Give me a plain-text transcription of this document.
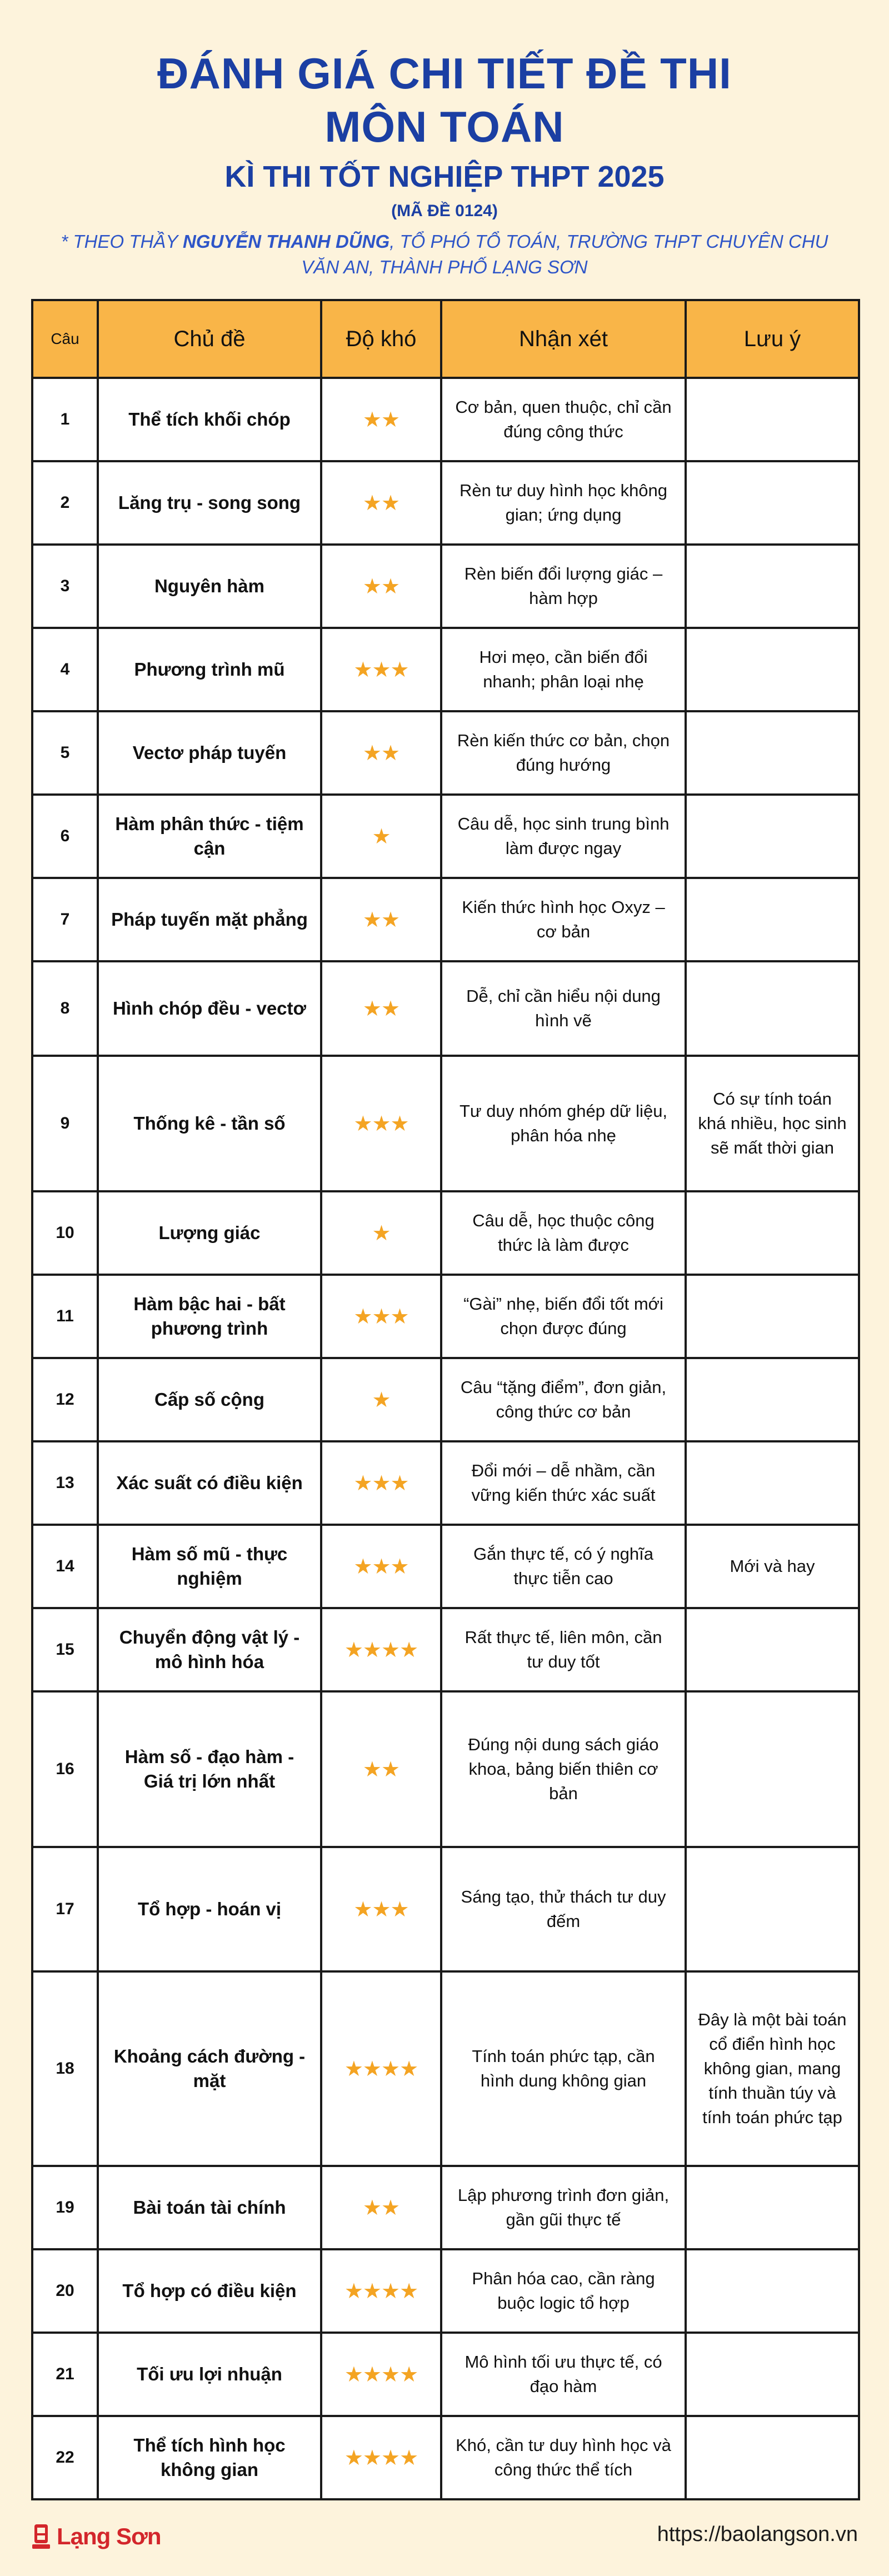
ĐÁNH GIÁ CHI TIẾT ĐỀ THI
MÔN TOÁN
KÌ THI TỐT NGHIỆP THPT 2025
(MÃ ĐỀ 0124)
* THEO THẦY NGUYỄN THANH DŨNG, TỔ PHÓ TỔ TOÁN, TRƯỜNG THPT CHUYÊN CHU VĂN AN, THÀNH PHỐ LẠNG SƠN
Câu	Chủ đề	Độ khó	Nhận xét	Lưu ý
1	Thể tích khối chóp	★★	Cơ bản, quen thuộc, chỉ cần đúng công thức	
2	Lăng trụ - song song	★★	Rèn tư duy hình học không gian; ứng dụng	
3	Nguyên hàm	★★	Rèn biến đổi lượng giác – hàm hợp	
4	Phương trình mũ	★★★	Hơi mẹo, cần biến đổi nhanh; phân loại nhẹ	
5	Vectơ pháp tuyến	★★	Rèn kiến thức cơ bản, chọn đúng hướng	
6	Hàm phân thức - tiệm cận	★	Câu dễ, học sinh trung bình làm được ngay	
7	Pháp tuyến mặt phẳng	★★	Kiến thức hình học Oxyz – cơ bản	
8	Hình chóp đều - vectơ	★★	Dễ, chỉ cần hiểu nội dung hình vẽ	
9	Thống kê - tần số	★★★	Tư duy nhóm ghép dữ liệu, phân hóa nhẹ	Có sự tính toán khá nhiều, học sinh sẽ mất thời gian
10	Lượng giác	★	Câu dễ, học thuộc công thức là làm được	
11	Hàm bậc hai - bất phương trình	★★★	“Gài” nhẹ, biến đổi tốt mới chọn được đúng	
12	Cấp số cộng	★	Câu “tặng điểm”, đơn giản, công thức cơ bản	
13	Xác suất có điều kiện	★★★	Đổi mới – dễ nhầm, cần vững kiến thức xác suất	
14	Hàm số mũ - thực nghiệm	★★★	Gắn thực tế, có ý nghĩa thực tiễn cao	Mới và hay
15	Chuyển động vật lý - mô hình hóa	★★★★	Rất thực tế, liên môn, cần tư duy tốt	
16	Hàm số - đạo hàm - Giá trị lớn nhất	★★	Đúng nội dung sách giáo khoa, bảng biến thiên cơ bản	
17	Tổ hợp - hoán vị	★★★	Sáng tạo, thử thách tư duy đếm	
18	Khoảng cách đường - mặt	★★★★	Tính toán phức tạp, cần hình dung không gian	Đây là một bài toán cổ điển hình học không gian, mang tính thuần túy và tính toán phức tạp
19	Bài toán tài chính	★★	Lập phương trình đơn giản, gần gũi thực tế	
20	Tổ hợp có điều kiện	★★★★	Phân hóa cao, cần ràng buộc logic tổ hợp	
21	Tối ưu lợi nhuận	★★★★	Mô hình tối ưu thực tế, có đạo hàm	
22	Thể tích hình học không gian	★★★★	Khó, cần tư duy hình học và công thức thể tích	
Lạng Sơn	https://baolangson.vn
